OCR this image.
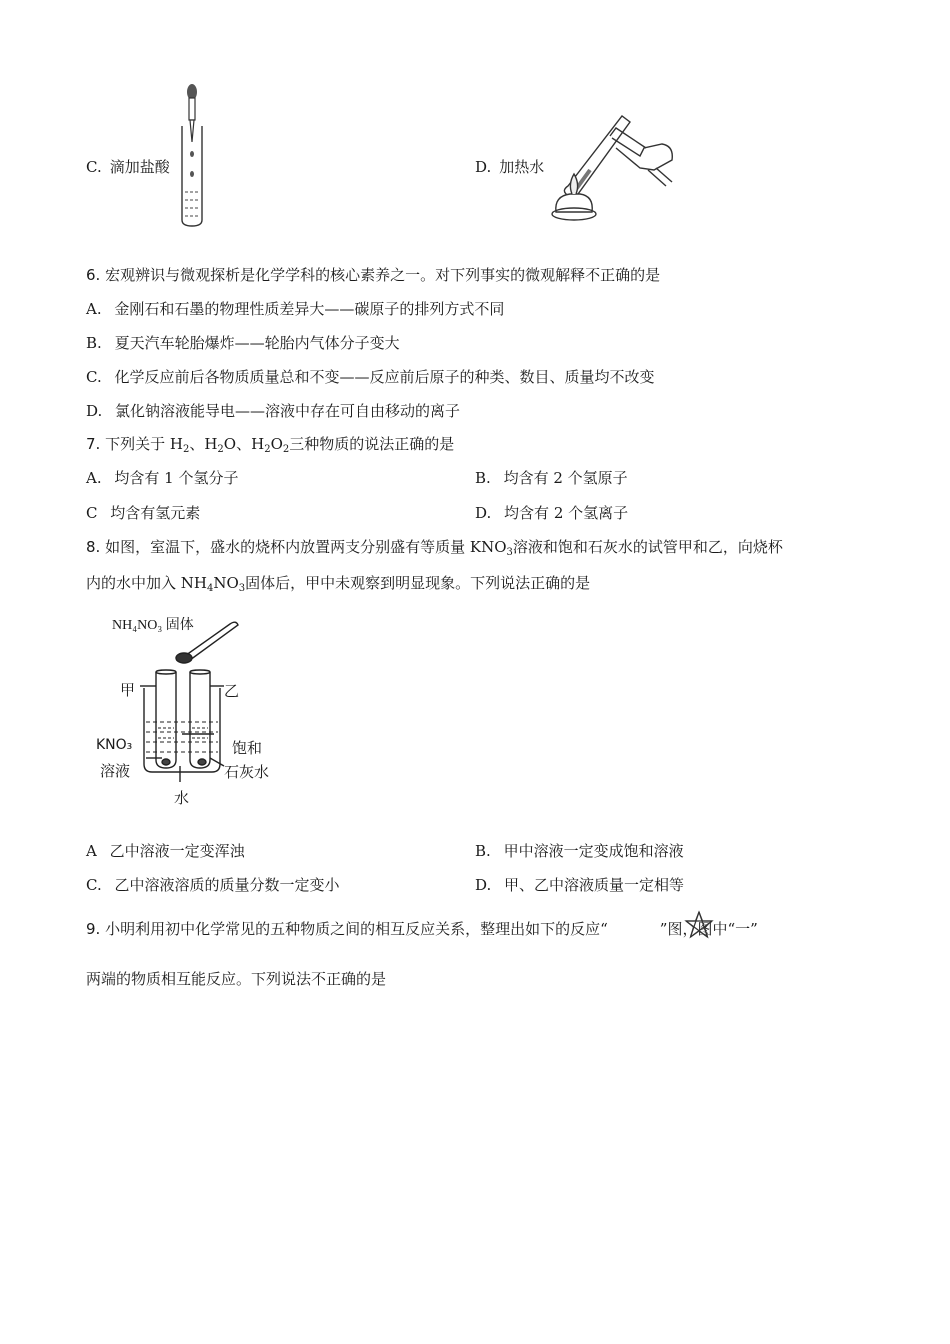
C. 滴加盐酸	D. 加热水
6. 宏观辨识与微观探析是化学学科的核心素养之一。对下列事实的微观解释不正确的是
A. 金刚石和石墨的物理性质差异大——碳原子的排列方式不同
B. 夏天汽车轮胎爆炸——轮胎内气体分子变大
C. 化学反应前后各物质质量总和不变——反应前后原子的种类、数目、质量均不改变
D. 氯化钠溶液能导电——溶液中存在可自由移动的离子
7. 下列关于 $H_2$、$H_2O$、$H_2O_2$三种物质的说法正确的是
A. 均含有 1 个氢分子	B. 均含有 2 个氢原子
C 均含有氢元素	D. 均含有 2 个氢离子
8. 如图，室温下，盛水的烧杯内放置两支分别盛有等质量 $KNO_3$溶液和饱和石灰水的试管甲和乙，向烧杯
内的水中加入 $NH_4NO_3$固体后，甲中未观察到明显现象。下列说法正确的是
NH₄NO₃ 固体
甲	乙
KNO₃
溶液
饱和
石灰水
水
A 乙中溶液一定变浑浊	B. 甲中溶液一定变成饱和溶液
C. 乙中溶液溶质的质量分数一定变小	D. 甲、乙中溶液质量一定相等
9. 小明利用初中化学常见的五种物质之间的相互反应关系，整理出如下的反应“	”图，图中“一”
两端的物质相互能反应。下列说法不正确的是
